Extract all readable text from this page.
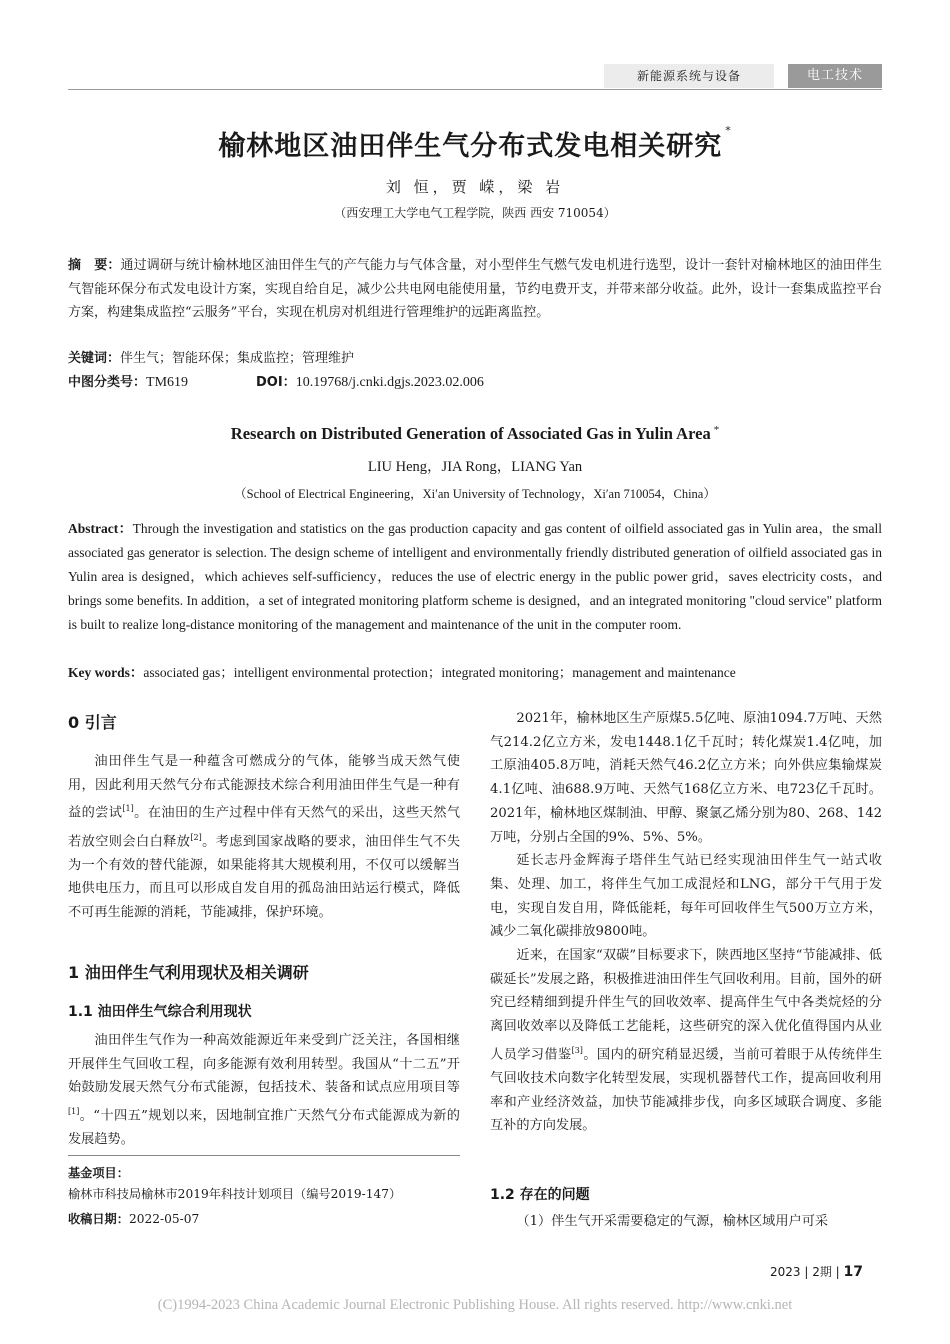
新能源系统与设备	电工技术
榆林地区油田伴生气分布式发电相关研究*
刘 恒，贾 嵘，梁 岩
（西安理工大学电气工程学院，陕西 西安 710054）
摘　要：通过调研与统计榆林地区油田伴生气的产气能力与气体含量，对小型伴生气燃气发电机进行选型，设计一套针对榆林地区的油田伴生气智能环保分布式发电设计方案，实现自给自足，减少公共电网电能使用量，节约电费开支，并带来部分收益。此外，设计一套集成监控平台方案，构建集成监控“云服务”平台，实现在机房对机组进行管理维护的远距离监控。
关键词：伴生气；智能环保；集成监控；管理维护
中图分类号：TM619	DOI：10.19768/j.cnki.dgjs.2023.02.006
Research on Distributed Generation of Associated Gas in Yulin Area *
LIU Heng，JIA Rong，LIANG Yan
（School of Electrical Engineering，Xi′an University of Technology，Xi′an 710054，China）
Abstract：Through the investigation and statistics on the gas production capacity and gas content of oilfield associated gas in Yulin area，the small associated gas generator is selection. The design scheme of intelligent and environmentally friendly distributed generation of oilfield associated gas in Yulin area is designed，which achieves self-sufficiency，reduces the use of electric energy in the public power grid，saves electricity costs，and brings some benefits. In addition，a set of integrated monitoring platform scheme is designed，and an integrated monitoring "cloud service" platform is built to realize long-distance monitoring of the management and maintenance of the unit in the computer room.
Key words：associated gas；intelligent environmental protection；integrated monitoring；management and maintenance
0 引言

油田伴生气是一种蕴含可燃成分的气体，能够当成天然气使用，因此利用天然气分布式能源技术综合利用油田伴生气是一种有益的尝试[1]。在油田的生产过程中伴有天然气的采出，这些天然气若放空则会白白释放[2]。考虑到国家战略的要求，油田伴生气不失为一个有效的替代能源，如果能将其大规模利用，不仅可以缓解当地供电压力，而且可以形成自发自用的孤岛油田站运行模式，降低不可再生能源的消耗，节能减排，保护环境。

1 油田伴生气利用现状及相关调研
1.1 油田伴生气综合利用现状

油田伴生气作为一种高效能源近年来受到广泛关注，各国相继开展伴生气回收工程，向多能源有效利用转型。我国从“十二五”开始鼓励发展天然气分布式能源，包括技术、装备和试点应用项目等[1]。“十四五”规划以来，因地制宜推广天然气分布式能源成为新的发展趋势。

基金项目：榆林市科技局榆林市2019年科技计划项目（编号2019-147）
收稿日期：2022-05-07

2021年，榆林地区生产原煤5.5亿吨、原油1094.7万吨、天然气214.2亿立方米，发电1448.1亿千瓦时；转化煤炭1.4亿吨，加工原油405.8万吨，消耗天然气46.2亿立方米；向外供应集输煤炭4.1亿吨、油688.9万吨、天然气168亿立方米、电723亿千瓦时。2021年，榆林地区煤制油、甲醇、聚氯乙烯分别为80、268、142万吨，分别占全国的9%、5%、5%。

延长志丹金辉海子塔伴生气站已经实现油田伴生气一站式收集、处理、加工，将伴生气加工成混烃和LNG，部分干气用于发电，实现自发自用，降低能耗，每年可回收伴生气500万立方米，减少二氧化碳排放9800吨。

近来，在国家“双碳”目标要求下，陕西地区坚持“节能减排、低碳延长”发展之路，积极推进油田伴生气回收利用。目前，国外的研究已经精细到提升伴生气的回收效率、提高伴生气中各类烷烃的分离回收效率以及降低工艺能耗，这些研究的深入优化值得国内从业人员学习借鉴[3]。国内的研究稍显迟缓，当前可着眼于从传统伴生气回收技术向数字化转型发展，实现机器替代工作，提高回收利用率和产业经济效益，加快节能减排步伐，向多区域联合调度、多能互补的方向发展。

1.2 存在的问题

（1）伴生气开采需要稳定的气源，榆林区域用户可采

2023 | 2期 | 17
(C)1994-2023 China Academic Journal Electronic Publishing House. All rights reserved. http://www.cnki.net
